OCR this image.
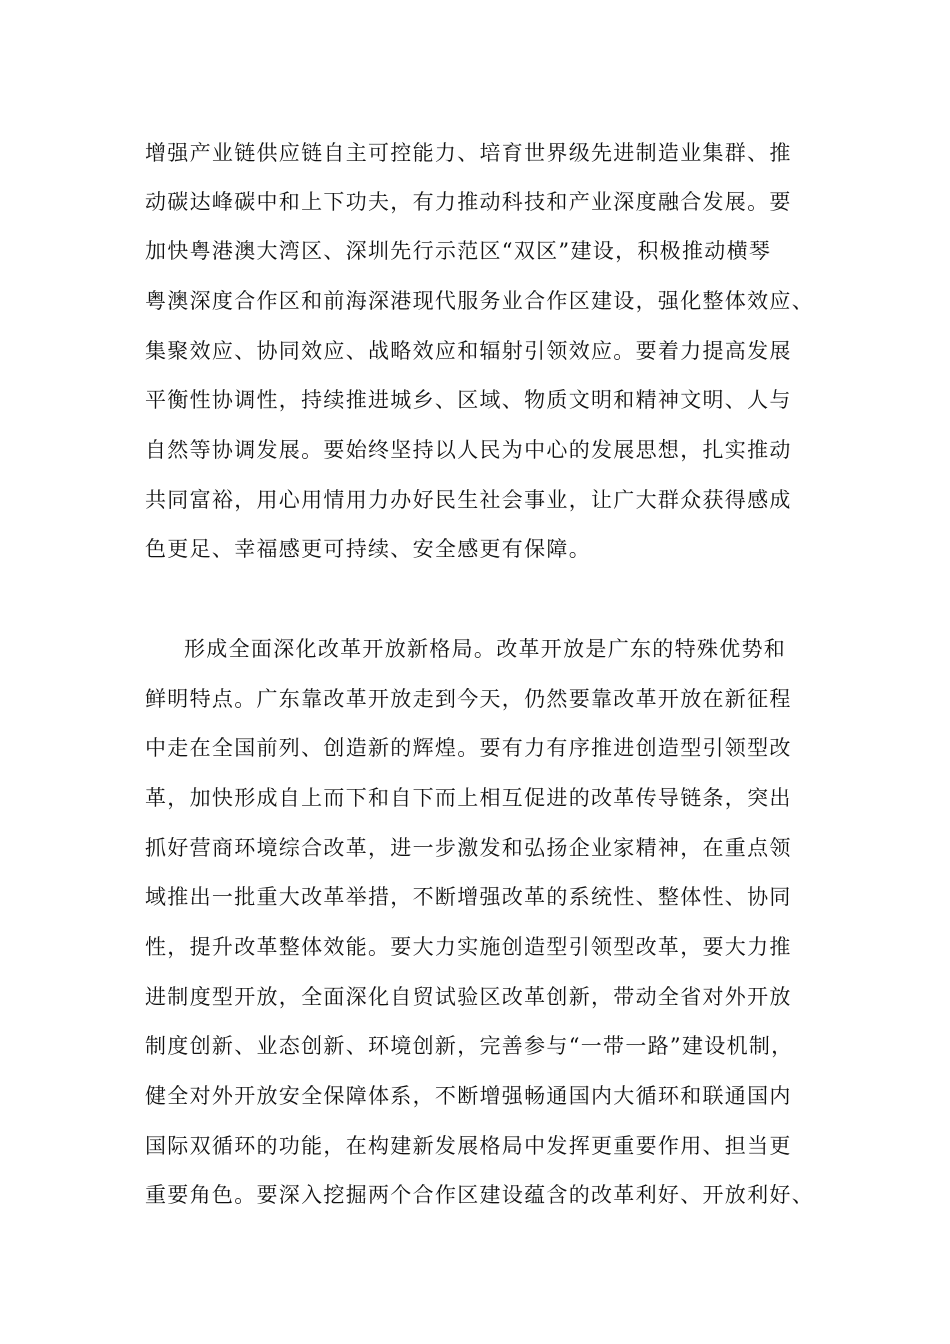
增强产业链供应链自主可控能力、培育世界级先进制造业集群、推

动碳达峰碳中和上下功夫，有力推动科技和产业深度融合发展。要

加快粤港澳大湾区、深圳先行示范区“双区”建设，积极推动横琴

粤澳深度合作区和前海深港现代服务业合作区建设，强化整体效应、

集聚效应、协同效应、战略效应和辐射引领效应。要着力提高发展

平衡性协调性，持续推进城乡、区域、物质文明和精神文明、人与

自然等协调发展。要始终坚持以人民为中心的发展思想，扎实推动

共同富裕，用心用情用力办好民生社会事业，让广大群众获得感成

色更足、幸福感更可持续、安全感更有保障。

形成全面深化改革开放新格局。改革开放是广东的特殊优势和

鲜明特点。广东靠改革开放走到今天，仍然要靠改革开放在新征程

中走在全国前列、创造新的辉煌。要有力有序推进创造型引领型改

革，加快形成自上而下和自下而上相互促进的改革传导链条，突出

抓好营商环境综合改革，进一步激发和弘扬企业家精神，在重点领

域推出一批重大改革举措，不断增强改革的系统性、整体性、协同

性，提升改革整体效能。要大力实施创造型引领型改革，要大力推

进制度型开放，全面深化自贸试验区改革创新，带动全省对外开放

制度创新、业态创新、环境创新，完善参与“一带一路”建设机制，

健全对外开放安全保障体系，不断增强畅通国内大循环和联通国内

国际双循环的功能，在构建新发展格局中发挥更重要作用、担当更

重要角色。要深入挖掘两个合作区建设蕴含的改革利好、开放利好、
